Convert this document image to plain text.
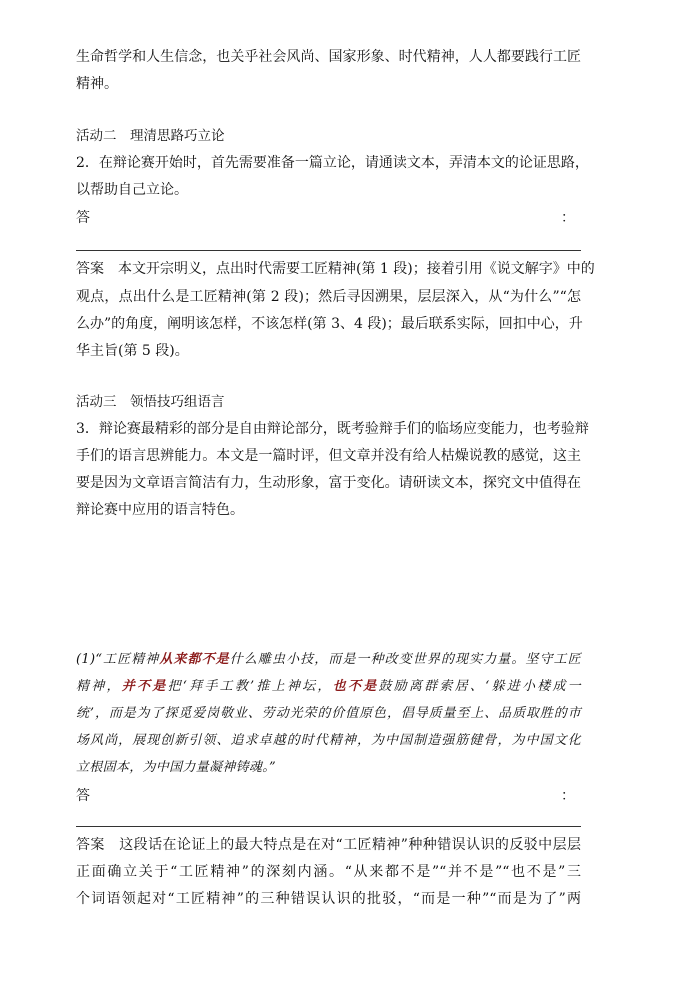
生命哲学和人生信念，也关乎社会风尚、国家形象、时代精神，人人都要践行工匠
精神。
活动二　理清思路巧立论
2．在辩论赛开始时，首先需要准备一篇立论，请通读文本，弄清本文的论证思路，
以帮助自己立论。
答	：
答案　本文开宗明义，点出时代需要工匠精神(第 1 段)；接着引用《说文解字》中的
观点，点出什么是工匠精神(第 2 段)；然后寻因溯果，层层深入，从“为什么”“怎
么办”的角度，阐明该怎样，不该怎样(第 3、4 段)；最后联系实际，回扣中心，升
华主旨(第 5 段)。
活动三　领悟技巧组语言
3．辩论赛最精彩的部分是自由辩论部分，既考验辩手们的临场应变能力，也考验辩
手们的语言思辨能力。本文是一篇时评，但文章并没有给人枯燥说教的感觉，这主
要是因为文章语言简洁有力，生动形象，富于变化。请研读文本，探究文中值得在
辩论赛中应用的语言特色。
(1)“工匠精神从来都不是什么雕虫小技，而是一种改变世界的现实力量。坚守工匠
精神，并不是把‘拜手工教’推上神坛，也不是鼓励离群索居、‘躲进小楼成一
统’，而是为了探觅爱岗敬业、劳动光荣的价值原色，倡导质量至上、品质取胜的市
场风尚，展现创新引领、追求卓越的时代精神，为中国制造强筋健骨，为中国文化
立根固本，为中国力量凝神铸魂。”
答	：
答案　这段话在论证上的最大特点是在对“工匠精神”种种错误认识的反驳中层层
正面确立关于“工匠精神”的深刻内涵。“从来都不是”“并不是”“也不是”三
个词语领起对“工匠精神”的三种错误认识的批驳，“而是一种”“而是为了”两
